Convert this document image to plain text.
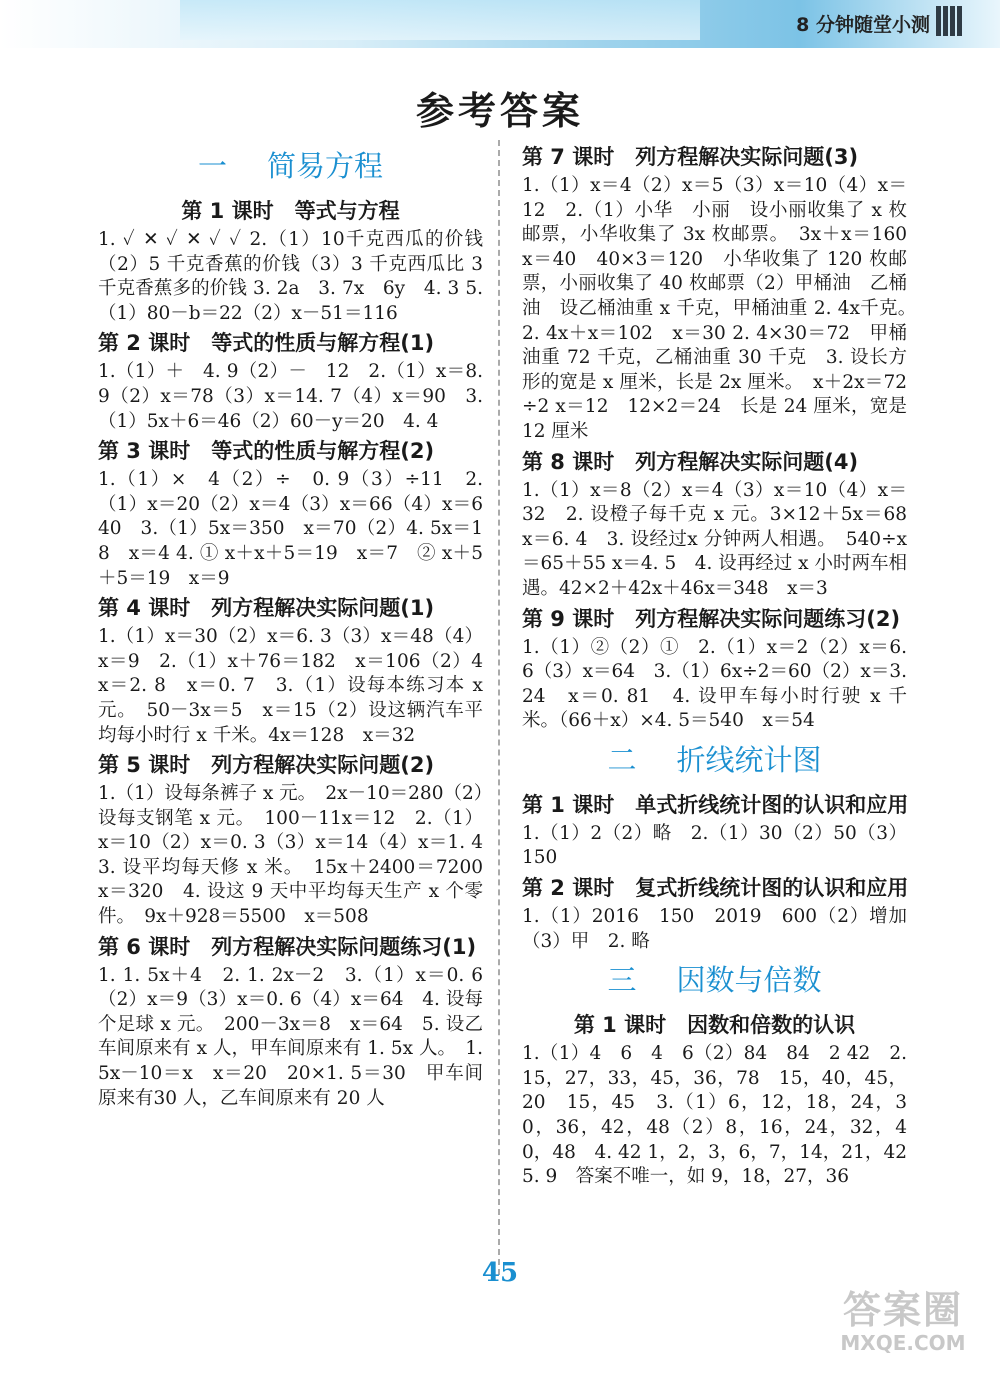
8 分钟随堂小测
参考答案
一 简易方程
第 1 课时　等式与方程
1. ✓ ✕ ✓ ✕ ✓ ✓ 2.（1）10千克西瓜的价钱（2）5 千克香蕉的价钱（3）3 千克西瓜比 3 千克香蕉多的价钱 3. 2a　3. 7x　6y　4. 3 5.（1）80－b＝22（2）x－51＝116
第 2 课时　等式的性质与解方程(1)
1.（1）＋　4. 9（2）－　12　2.（1）x＝8. 9（2）x＝78（3）x＝14. 7（4）x＝90　3.（1）5x＋6＝46（2）60－y＝20　4. 4
第 3 课时　等式的性质与解方程(2)
1.（1）×　4（2）÷　0. 9（3）÷11　2.（1）x＝20（2）x＝4（3）x＝66（4）x＝640　3.（1）5x＝350　x＝70（2）4. 5x＝18　x＝4 4. ① x＋x＋5＝19　x＝7　② x＋5＋5＝19　x＝9
第 4 课时　列方程解决实际问题(1)
1.（1）x＝30（2）x＝6. 3（3）x＝48（4）x＝9　2.（1）x＋76＝182　x＝106（2）4x＝2. 8　x＝0. 7　3.（1）设每本练习本 x 元。　50－3x＝5　x＝15（2）设这辆汽车平均每小时行 x 千米。4x＝128　x＝32
第 5 课时　列方程解决实际问题(2)
1.（1）设每条裤子 x 元。　2x－10＝280（2）设每支钢笔 x 元。　100－11x＝12　2.（1）x＝10（2）x＝0. 3（3）x＝14（4）x＝1. 4　3. 设平均每天修 x 米。　15x＋2400＝7200　x＝320　4. 设这 9 天中平均每天生产 x 个零件。　9x＋928＝5500　x＝508
第 6 课时　列方程解决实际问题练习(1)
1. 1. 5x＋4　2. 1. 2x－2　3.（1）x＝0. 6（2）x＝9（3）x＝0. 6（4）x＝64　4. 设每个足球 x 元。　200－3x＝8　x＝64　5. 设乙车间原来有 x 人，甲车间原来有 1. 5x 人。　1. 5x－10＝x　x＝20　20×1. 5＝30　甲车间原来有30 人，乙车间原来有 20 人
第 7 课时　列方程解决实际问题(3)
1.（1）x＝4（2）x＝5（3）x＝10（4）x＝12　2.（1）小华　小丽　设小丽收集了 x 枚邮票，小华收集了 3x 枚邮票。　3x＋x＝160　x＝40　40×3＝120　小华收集了 120 枚邮票，小丽收集了 40 枚邮票（2）甲桶油　乙桶油　设乙桶油重 x 千克，甲桶油重 2. 4x千克。　2. 4x＋x＝102　x＝30 2. 4×30＝72　甲桶油重 72 千克，乙桶油重 30 千克　3. 设长方形的宽是 x 厘米，长是 2x 厘米。　x＋2x＝72÷2 x＝12　12×2＝24　长是 24 厘米，宽是12 厘米
第 8 课时　列方程解决实际问题(4)
1.（1）x＝8（2）x＝4（3）x＝10（4）x＝32　2. 设橙子每千克 x 元。3×12＋5x＝68　x＝6. 4　3. 设经过x 分钟两人相遇。　540÷x＝65＋55 x＝4. 5　4. 设再经过 x 小时两车相遇。42×2＋42x＋46x＝348　x＝3
第 9 课时　列方程解决实际问题练习(2)
1.（1）②（2）①　2.（1）x＝2（2）x＝6. 6（3）x＝64　3.（1）6x÷2＝60（2）x＝3. 24　x＝0. 81　4. 设甲车每小时行驶 x 千米。（66＋x）×4. 5＝540　x＝54
二 折线统计图
第 1 课时　单式折线统计图的认识和应用
1.（1）2（2）略　2.（1）30（2）50（3）150
第 2 课时　复式折线统计图的认识和应用
1.（1）2016　150　2019　600（2）增加（3）甲　2. 略
三 因数与倍数
第 1 课时　因数和倍数的认识
1.（1）4　6　4　6（2）84　84　2 42　2. 15，27，33，45，36，78　15，40，45，20　15，45　3.（1）6，12，18，24，30，36，42，48（2）8，16，24，32，40，48　4. 42 1，2，3，6，7，14，21，42　5. 9　答案不唯一，如 9，18，27，36
45
答案圈
MXQE.COM
